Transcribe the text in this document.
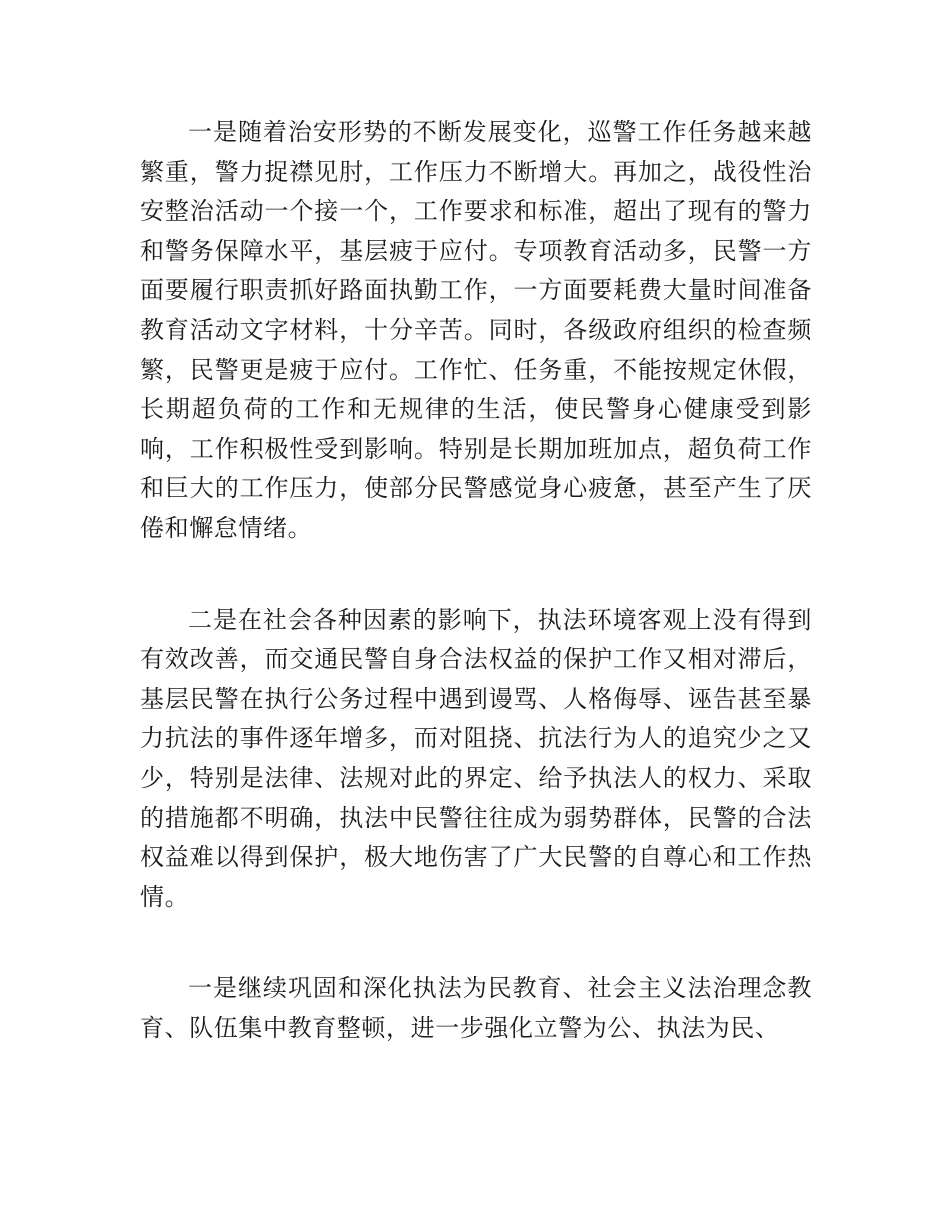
一是随着治安形势的不断发展变化，巡警工作任务越来越繁重，警力捉襟见肘，工作压力不断增大。再加之，战役性治安整治活动一个接一个，工作要求和标准，超出了现有的警力和警务保障水平，基层疲于应付。专项教育活动多，民警一方面要履行职责抓好路面执勤工作，一方面要耗费大量时间准备教育活动文字材料，十分辛苦。同时，各级政府组织的检查频繁，民警更是疲于应付。工作忙、任务重，不能按规定休假，长期超负荷的工作和无规律的生活，使民警身心健康受到影响，工作积极性受到影响。特别是长期加班加点，超负荷工作和巨大的工作压力，使部分民警感觉身心疲惫，甚至产生了厌倦和懈怠情绪。

二是在社会各种因素的影响下，执法环境客观上没有得到有效改善，而交通民警自身合法权益的保护工作又相对滞后，基层民警在执行公务过程中遇到谩骂、人格侮辱、诬告甚至暴力抗法的事件逐年增多，而对阻挠、抗法行为人的追究少之又少，特别是法律、法规对此的界定、给予执法人的权力、采取的措施都不明确，执法中民警往往成为弱势群体，民警的合法权益难以得到保护，极大地伤害了广大民警的自尊心和工作热情。

一是继续巩固和深化执法为民教育、社会主义法治理念教育、队伍集中教育整顿，进一步强化立警为公、执法为民、
